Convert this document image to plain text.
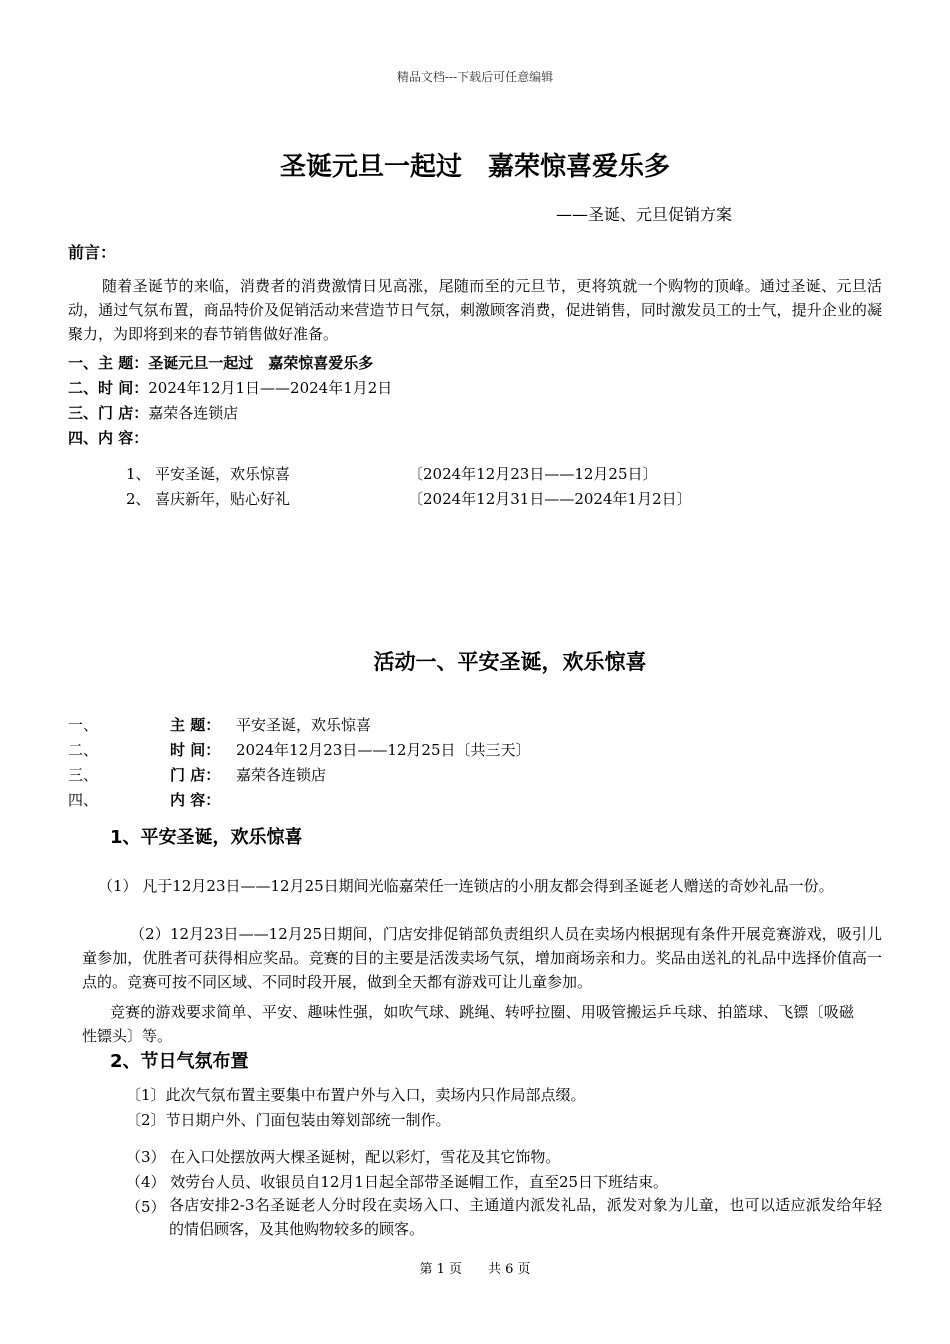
精品文档---下载后可任意编辑
圣诞元旦一起过　嘉荣惊喜爱乐多
——圣诞、元旦促销方案
前言：
随着圣诞节的来临，消费者的消费激情日见高涨，尾随而至的元旦节，更将筑就一个购物的顶峰。通过圣诞、元旦活动，通过气氛布置，商品特价及促销活动来营造节日气氛，刺激顾客消费，促进销售，同时激发员工的士气，提升企业的凝聚力，为即将到来的春节销售做好准备。
一、主 题：圣诞元旦一起过　嘉荣惊喜爱乐多
二、时 间：2024年12月1日——2024年1月2日
三、门 店：嘉荣各连锁店
四、内 容：
1、 平安圣诞，欢乐惊喜	〔2024年12月23日——12月25日〕
2、 喜庆新年，贴心好礼	〔2024年12月31日——2024年1月2日〕
活动一、平安圣诞，欢乐惊喜
一、	主 题： 平安圣诞，欢乐惊喜
二、	时 间： 2024年12月23日——12月25日〔共三天〕
三、	门 店： 嘉荣各连锁店
四、	内 容：
1、平安圣诞，欢乐惊喜
（1） 凡于12月23日——12月25日期间光临嘉荣任一连锁店的小朋友都会得到圣诞老人赠送的奇妙礼品一份。
（2）12月23日——12月25日期间，门店安排促销部负责组织人员在卖场内根据现有条件开展竞赛游戏，吸引儿童参加，优胜者可获得相应奖品。竞赛的目的主要是活泼卖场气氛，增加商场亲和力。奖品由送礼的礼品中选择价值高一点的。竞赛可按不同区域、不同时段开展，做到全天都有游戏可让儿童参加。
竞赛的游戏要求简单、平安、趣味性强，如吹气球、跳绳、转呼拉圈、用吸管搬运乒乓球、拍篮球、飞镖〔吸磁性镖头〕等。
2、节日气氛布置
〔1〕此次气氛布置主要集中布置户外与入口，卖场内只作局部点缀。
〔2〕节日期户外、门面包装由筹划部统一制作。
（3） 在入口处摆放两大棵圣诞树，配以彩灯，雪花及其它饰物。
（4） 效劳台人员、收银员自12月1日起全部带圣诞帽工作，直至25日下班结束。
（5） 各店安排2-3名圣诞老人分时段在卖场入口、主通道内派发礼品，派发对象为儿童，也可以适应派发给年轻的情侣顾客，及其他购物较多的顾客。
第 1 页　　共 6 页
